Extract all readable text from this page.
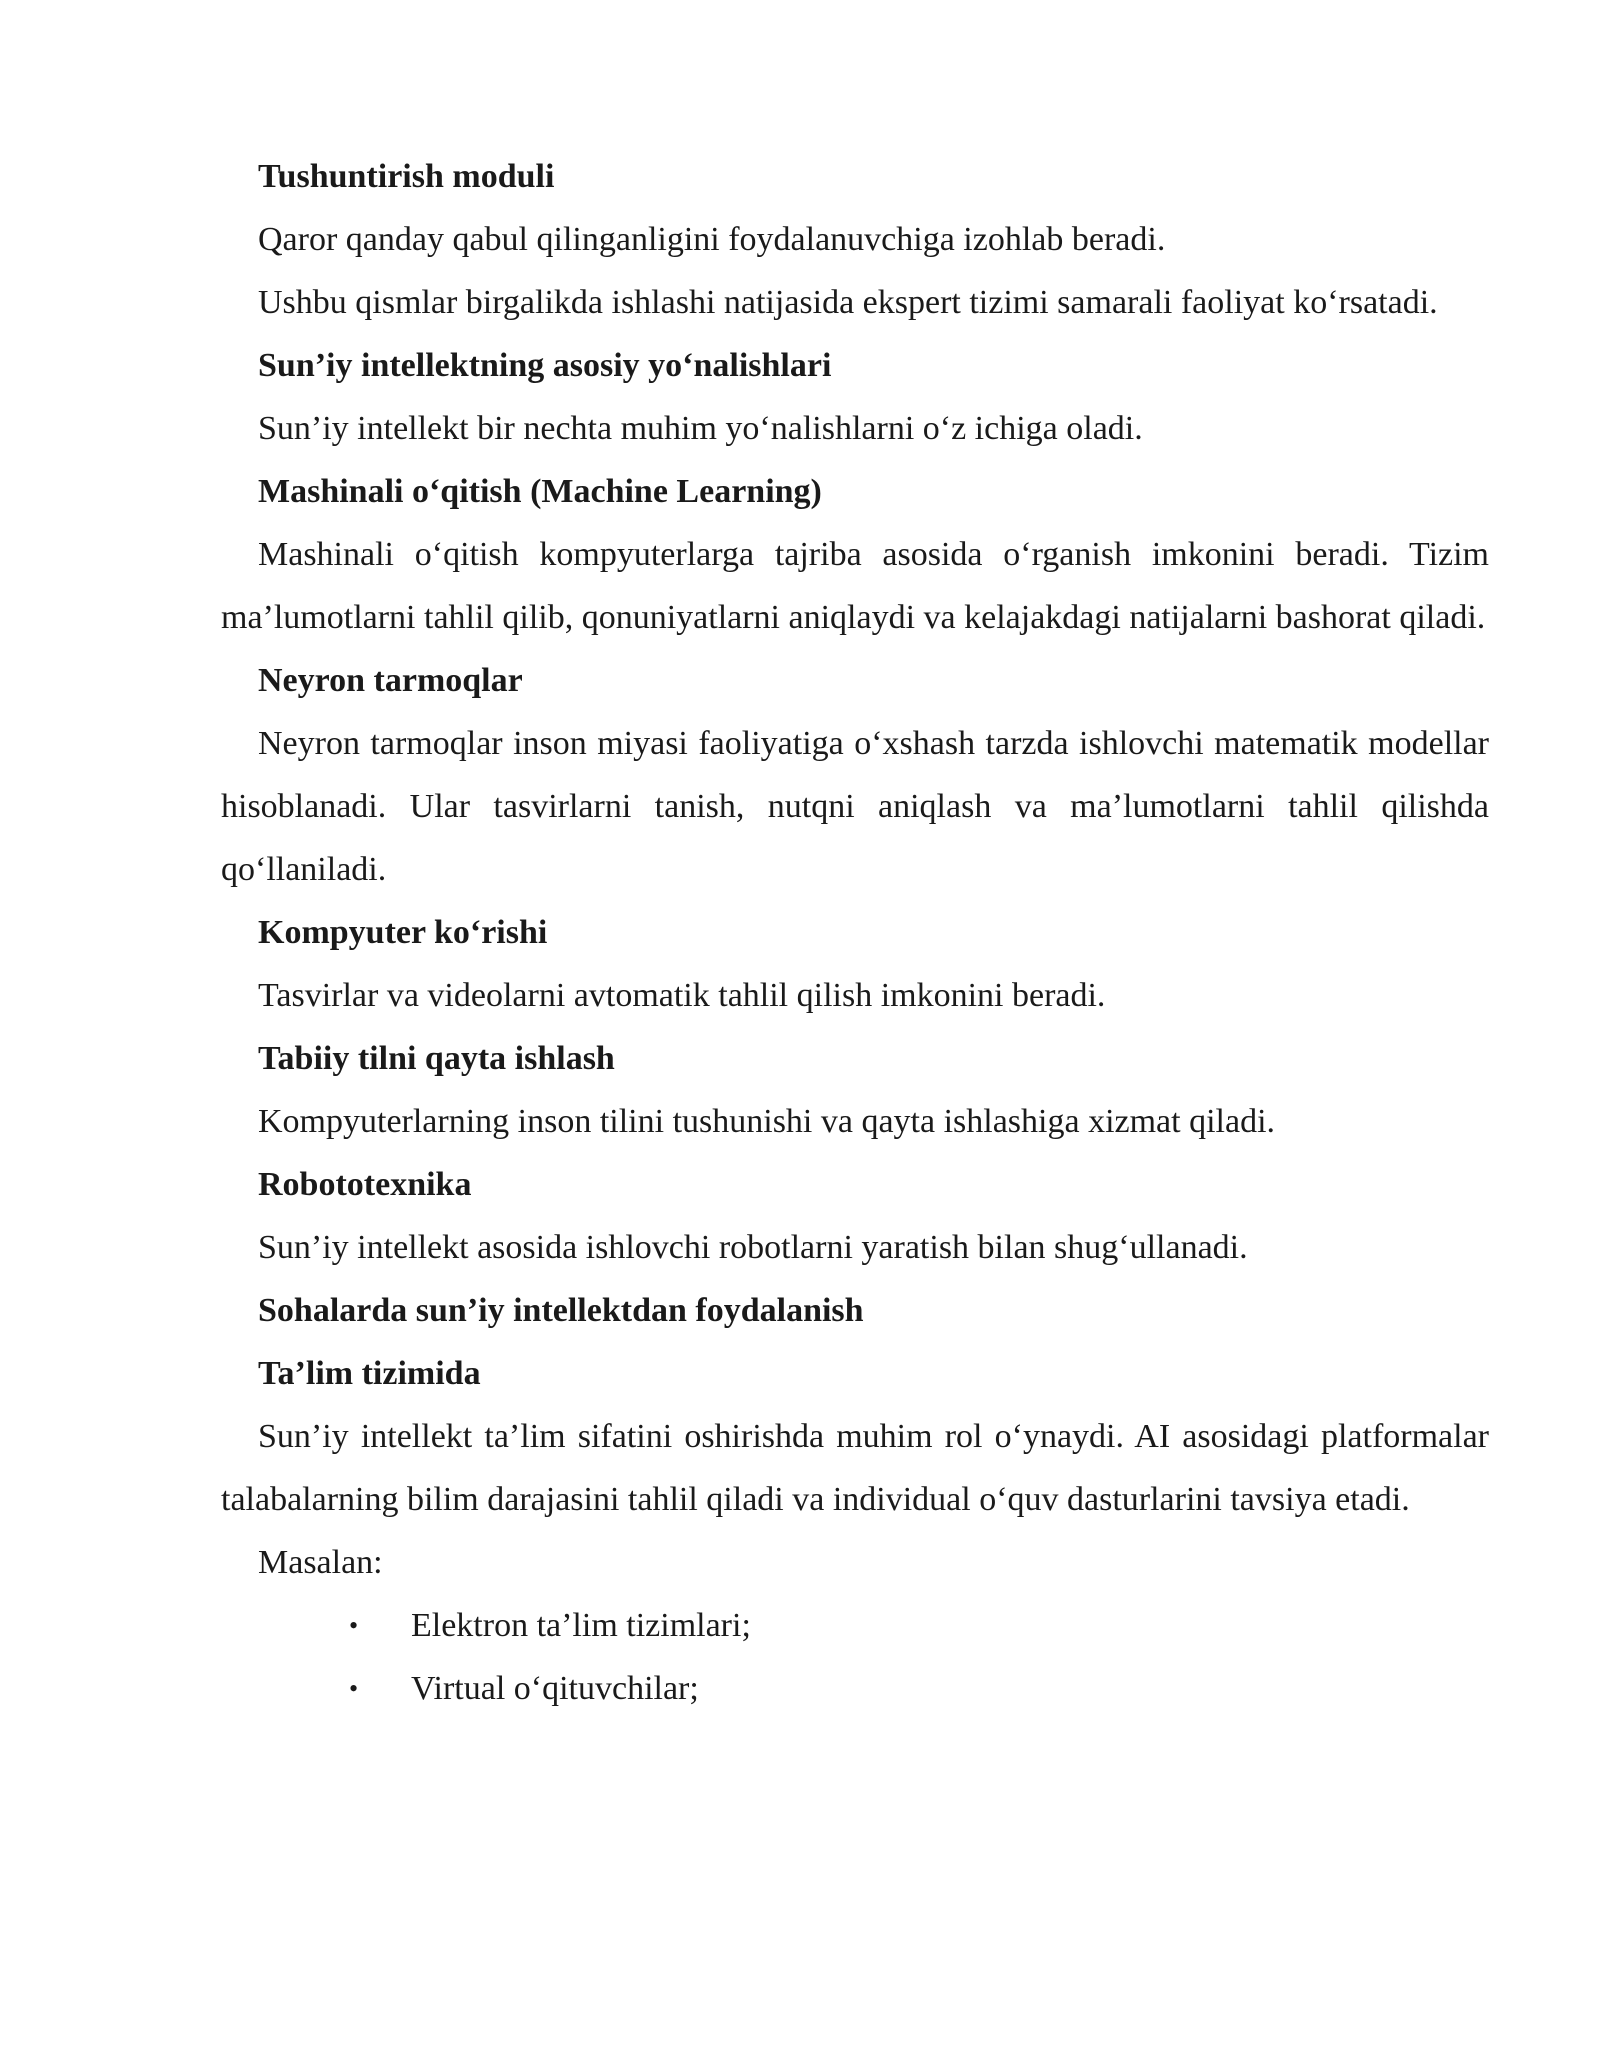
Tushuntirish moduli

Qaror qanday qabul qilinganligini foydalanuvchiga izohlab beradi.

Ushbu qismlar birgalikda ishlashi natijasida ekspert tizimi samarali faoliyat ko‘rsatadi.

Sun’iy intellektning asosiy yo‘nalishlari

Sun’iy intellekt bir nechta muhim yo‘nalishlarni o‘z ichiga oladi.

Mashinali o‘qitish (Machine Learning)

Mashinali o‘qitish kompyuterlarga tajriba asosida o‘rganish imkonini beradi. Tizim ma’lumotlarni tahlil qilib, qonuniyatlarni aniqlaydi va kelajakdagi natijalarni bashorat qiladi.

Neyron tarmoqlar

Neyron tarmoqlar inson miyasi faoliyatiga o‘xshash tarzda ishlovchi matematik modellar hisoblanadi. Ular tasvirlarni tanish, nutqni aniqlash va ma’lumotlarni tahlil qilishda qo‘llaniladi.

Kompyuter ko‘rishi

Tasvirlar va videolarni avtomatik tahlil qilish imkonini beradi.

Tabiiy tilni qayta ishlash

Kompyuterlarning inson tilini tushunishi va qayta ishlashiga xizmat qiladi.

Robototexnika

Sun’iy intellekt asosida ishlovchi robotlarni yaratish bilan shug‘ullanadi.

Sohalarda sun’iy intellektdan foydalanish

Ta’lim tizimida

Sun’iy intellekt ta’lim sifatini oshirishda muhim rol o‘ynaydi. AI asosidagi platformalar talabalarning bilim darajasini tahlil qiladi va individual o‘quv dasturlarini tavsiya etadi.

Masalan:

• Elektron ta’lim tizimlari;
• Virtual o‘qituvchilar;
